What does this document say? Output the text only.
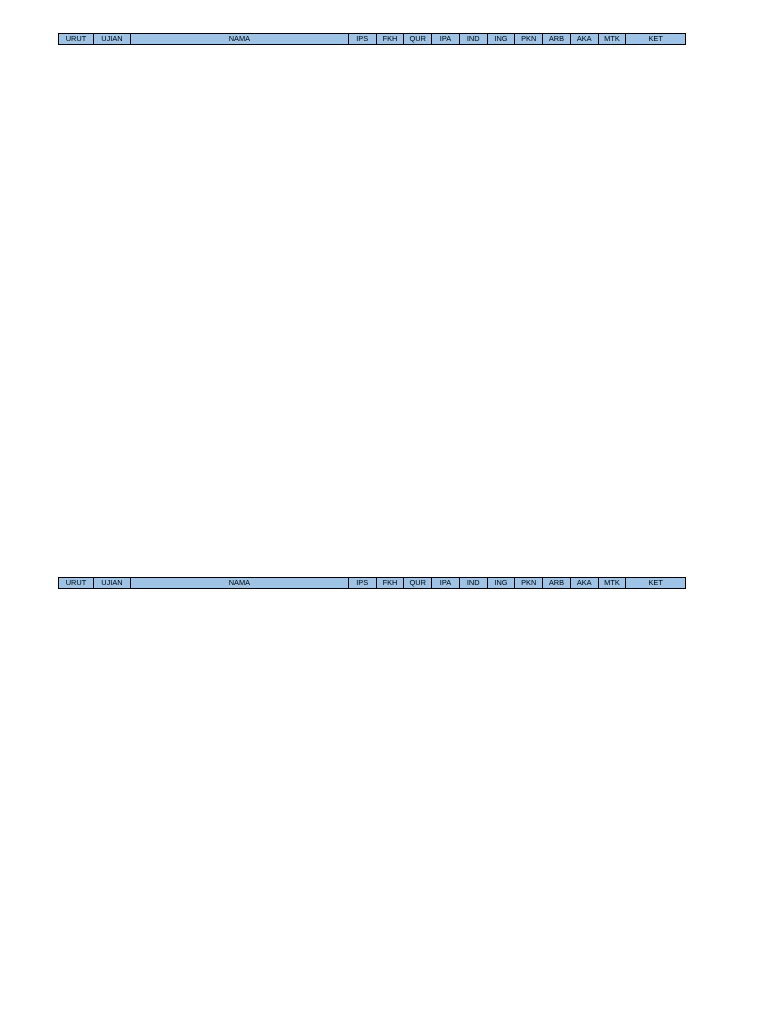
URUT	UJIAN	NAMA	IPS	FKH	QUR	IPA	IND	ING	PKN	ARB	AKA	MTK	KET
URUT	UJIAN	NAMA	IPS	FKH	QUR	IPA	IND	ING	PKN	ARB	AKA	MTK	KET
